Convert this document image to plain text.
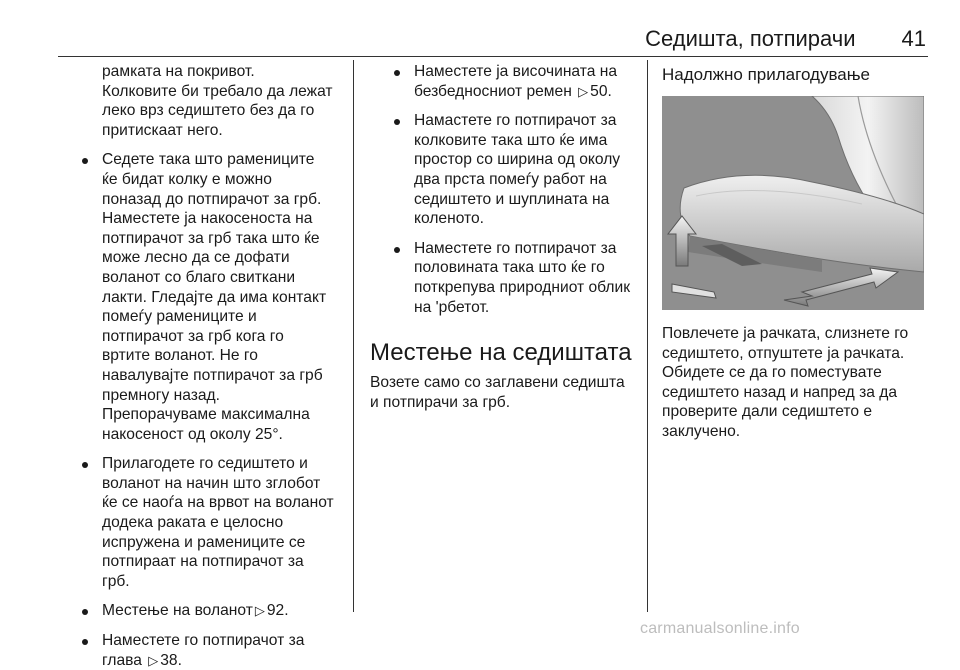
Седишта, потпирачи 41
рамката на покривот.
Колковите би требало да лежат
леко врз седиштето без да го
притискаат него.
Седете така што рамениците
ќе бидат колку е можно
поназад до потпирачот за грб.
Наместете ја накосеноста на
потпирачот за грб така што ќе
може лесно да се дофати
воланот со благо свиткани
лакти. Гледајте да има контакт
помеѓу рамениците и
потпирачот за грб кога го
вртите воланот. Не го
навалувајте потпирачот за грб
премногу назад.
Препорачуваме максимална
накосеност од околу 25°.
Прилагодете го седиштето и
воланот на начин што зглобот
ќе се наоѓа на врвот на воланот
додека раката е целосно
испружена и рамениците се
потпираат на потпирачот за
грб.
Местење на воланот ▷ 92.
Наместете го потпирачот за
глава ▷ 38.
Наместете ја височината на
безбедносниот ремен ▷ 50.
Намастете го потпирачот за
колковите така што ќе има
простор со ширина од околу
два прста помеѓу работ на
седиштето и шуплината на
коленото.
Наместете го потпирачот за
половината така што ќе го
поткрепува природниот облик
на 'рбетот.
Местење на седиштата
Возете само со заглавени седишта
и потпирачи за грб.
Надолжно прилагодување
Повлечете ја рачката, слизнете го
седиштето, отпуштете ја рачката.
Обидете се да го поместувате
седиштето назад и напред за да
проверите дали седиштето е
заклучено.
carmanualsonline.info
